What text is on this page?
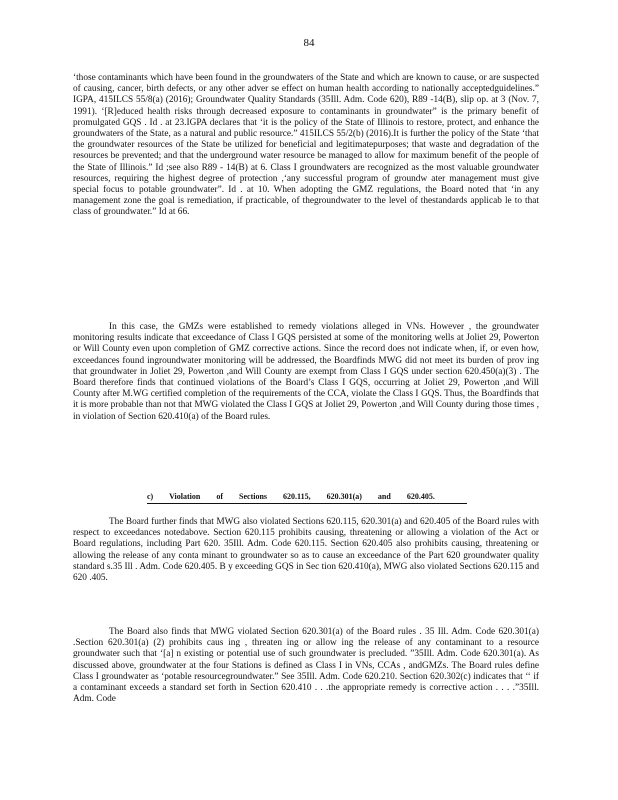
84

‘those contaminants which have been found in the groundwaters of the State and which are known to cause, or are suspected of causing, cancer, birth defects, or any other adver se effect on human health according to nationally acceptedguidelines.” IGPA, 415ILCS 55/8(a) (2016); Groundwater Quality Standards (35Ill. Adm. Code 620), R89 -14(B), slip op. at 3 (Nov. 7, 1991). ‘[R]educed health risks through decreased exposure to contaminants in groundwater” is the primary benefit of promulgated GQS . Id . at 23.IGPA declares that ‘it is the policy of the State of Illinois to restore, protect, and enhance the groundwaters of the State, as a natural and public resource.” 415ILCS 55/2(b) (2016).It is further the policy of the State ‘that the groundwater resources of the State be utilized for beneficial and legitimatepurposes; that waste and degradation of the resources be prevented; and that the underground water resource be managed to allow for maximum benefit of the people of the State of Illinois.” Id ;see also R89 - 14(B) at 6. Class I groundwaters are recognized as the most valuable groundwater resources, requiring the highest degree of protection ,‘any successful program of groundw ater management must give special focus to potable groundwater”. Id . at 10. When adopting the GMZ regulations, the Board noted that ‘in any management zone the goal is remediation, if practicable, of thegroundwater to the level of thestandards applicab le to that class of groundwater.” Id at 66.

In this case, the GMZs were established to remedy violations alleged in VNs. However , the groundwater monitoring results indicate that exceedance of Class I GQS persisted at some of the monitoring wells at Joliet 29, Powerton or Will County even upon completion of GMZ corrective actions. Since the record does not indicate when, if, or even how, exceedances found ingroundwater monitoring will be addressed, the Boardfinds MWG did not meet its burden of prov ing that groundwater in Joliet 29, Powerton ,and Will County are exempt from Class I GQS under section 620.450(a)(3) . The Board therefore finds that continued violations of the Board’s Class I GQS, occurring at Joliet 29, Powerton ,and Will County after M.WG certified completion of the requirements of the CCA, violate the Class I GQS. Thus, the Boardfinds that it is more probable than not that MWG violated the Class I GQS at Joliet 29, Powerton ,and Will County during those times , in violation of Section 620.410(a) of the Board rules.

c) Violation of Sections 620.115, 620.301(a) and 620.405.

The Board further finds that MWG also violated Sections 620.115, 620.301(a) and 620.405 of the Board rules with respect to exceedances notedabove. Section 620.115 prohibits causing, threatening or allowing a violation of the Act or Board regulations, including Part 620. 35Ill. Adm. Code 620.115. Section 620.405 also prohibits causing, threatening or allowing the release of any conta minant to groundwater so as to cause an exceedance of the Part 620 groundwater quality standard s.35 Ill . Adm. Code 620.405. B y exceeding GQS in Sec tion 620.410(a), MWG also violated Sections 620.115 and 620 .405.

The Board also finds that MWG violated Section 620.301(a) of the Board rules . 35 Ill. Adm. Code 620.301(a) .Section 620.301(a) (2) prohibits caus ing , threaten ing or allow ing the release of any contaminant to a resource groundwater such that ‘[a] n existing or potential use of such groundwater is precluded. ”35Ill. Adm. Code 620.301(a). As discussed above, groundwater at the four Stations is defined as Class I in VNs, CCAs , andGMZs. The Board rules define Class I groundwater as ‘potable resourcegroundwater.” See 35Ill. Adm. Code 620.210. Section 620.302(c) indicates that ‘‘ if a contaminant exceeds a standard set forth in Section 620.410 . . .the appropriate remedy is corrective action . . . .”35Ill. Adm. Code
